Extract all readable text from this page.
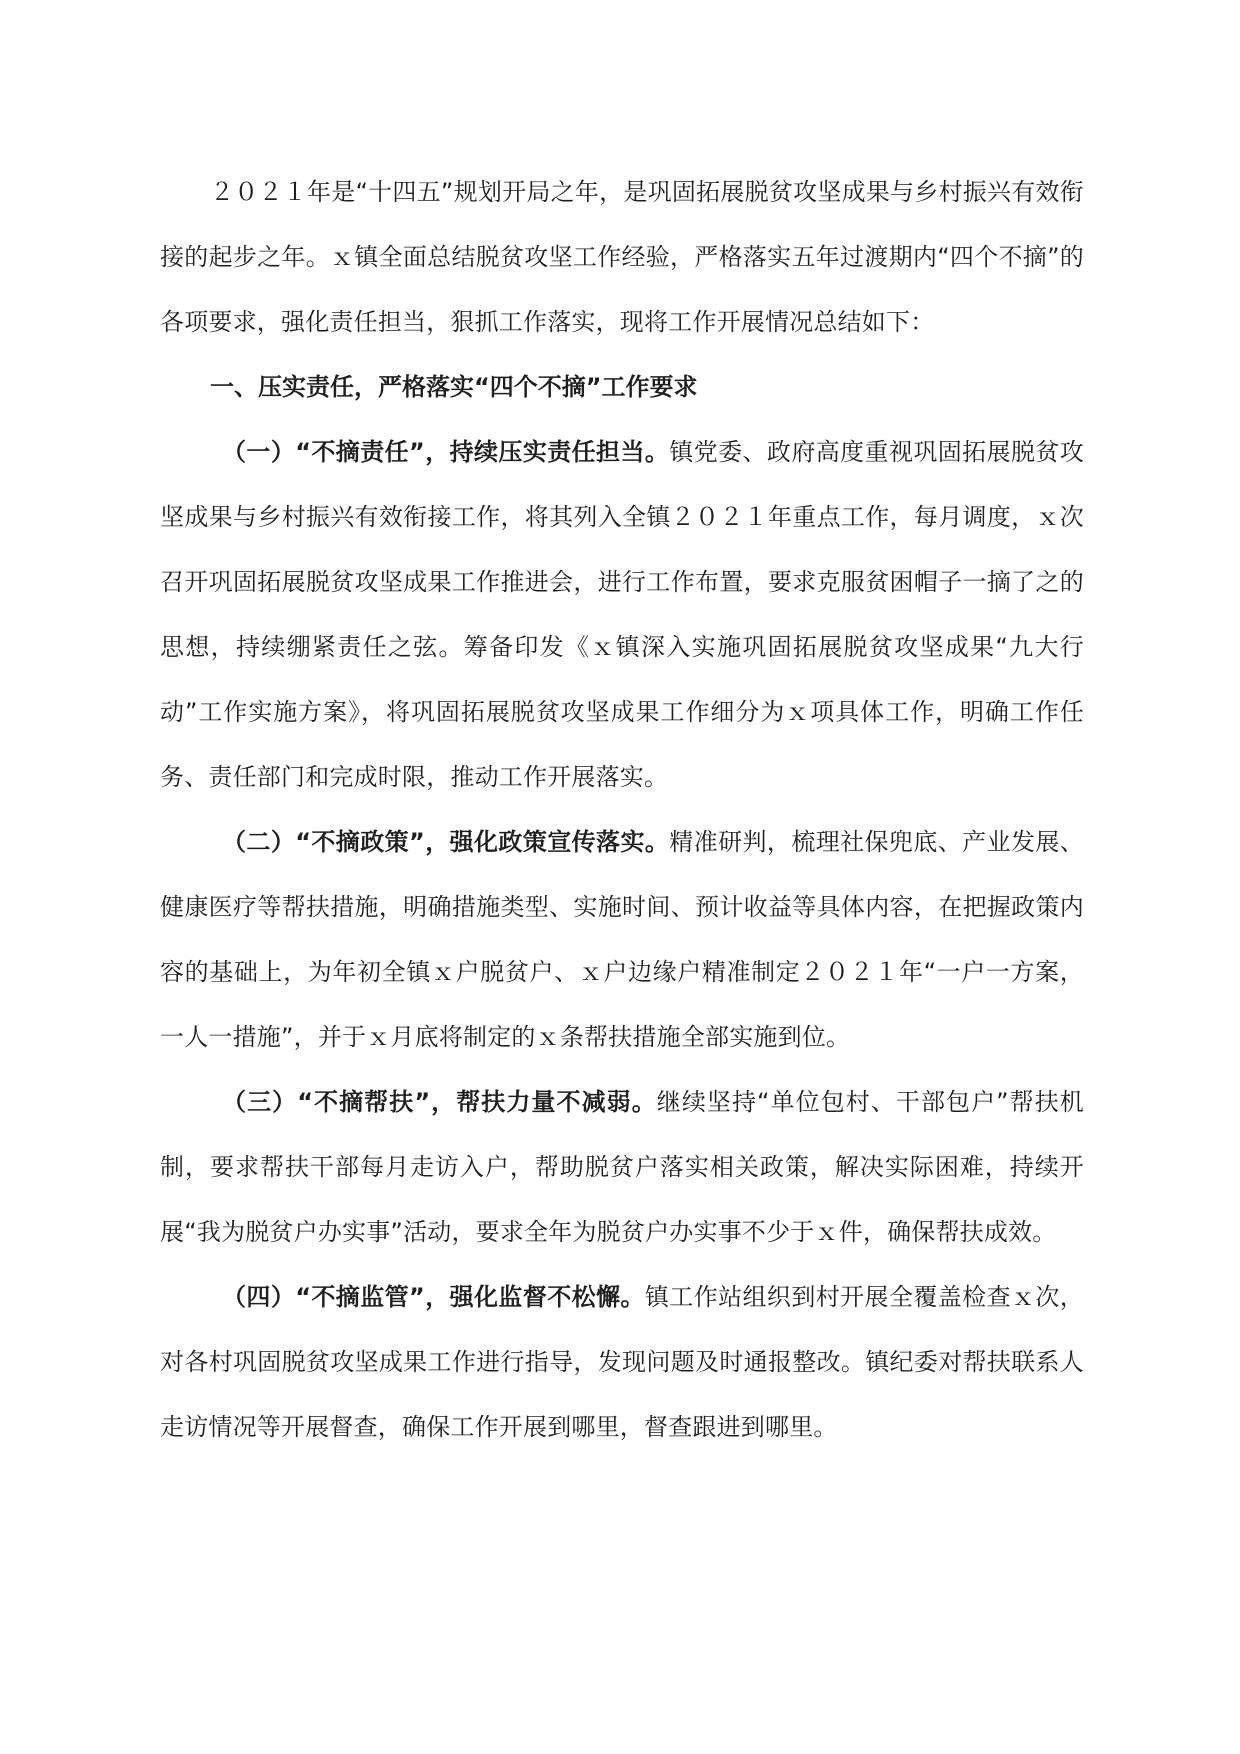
２０２１年是“十四五”规划开局之年，是巩固拓展脱贫攻坚成果与乡村振兴有效衔接的起步之年。ｘ镇全面总结脱贫攻坚工作经验，严格落实五年过渡期内“四个不摘”的各项要求，强化责任担当，狠抓工作落实，现将工作开展情况总结如下：

一、压实责任，严格落实“四个不摘”工作要求

（一）“不摘责任”，持续压实责任担当。镇党委、政府高度重视巩固拓展脱贫攻坚成果与乡村振兴有效衔接工作，将其列入全镇２０２１年重点工作，每月调度，ｘ次召开巩固拓展脱贫攻坚成果工作推进会，进行工作布置，要求克服贫困帽子一摘了之的思想，持续绷紧责任之弦。筹备印发《ｘ镇深入实施巩固拓展脱贫攻坚成果“九大行动”工作实施方案》，将巩固拓展脱贫攻坚成果工作细分为ｘ项具体工作，明确工作任务、责任部门和完成时限，推动工作开展落实。

（二）“不摘政策”，强化政策宣传落实。精准研判，梳理社保兜底、产业发展、健康医疗等帮扶措施，明确措施类型、实施时间、预计收益等具体内容，在把握政策内容的基础上，为年初全镇ｘ户脱贫户、ｘ户边缘户精准制定２０２１年“一户一方案，一人一措施”，并于ｘ月底将制定的ｘ条帮扶措施全部实施到位。

（三）“不摘帮扶”，帮扶力量不减弱。继续坚持“单位包村、干部包户”帮扶机制，要求帮扶干部每月走访入户，帮助脱贫户落实相关政策，解决实际困难，持续开展“我为脱贫户办实事”活动，要求全年为脱贫户办实事不少于ｘ件，确保帮扶成效。

（四）“不摘监管”，强化监督不松懈。镇工作站组织到村开展全覆盖检查ｘ次，对各村巩固脱贫攻坚成果工作进行指导，发现问题及时通报整改。镇纪委对帮扶联系人走访情况等开展督查，确保工作开展到哪里，督查跟进到哪里。
